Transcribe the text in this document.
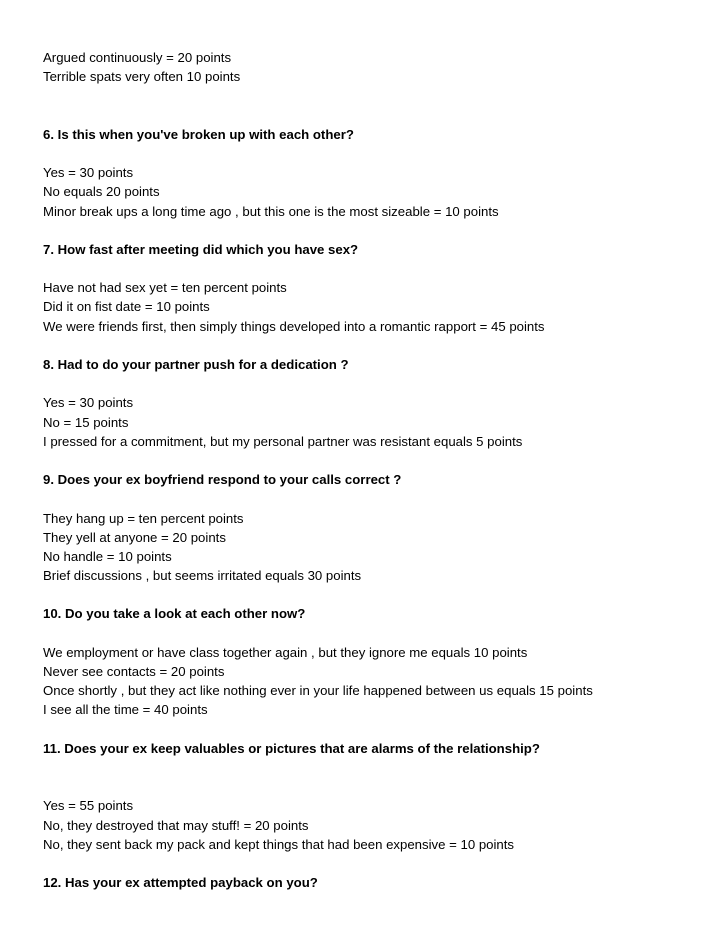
Argued continuously = 20 points
Terrible spats very often 10 points
6. Is this when you've broken up with each other?
Yes = 30 points
No equals 20 points
Minor break ups a long time ago , but this one is the most sizeable = 10 points
7. How fast after meeting did which you have sex?
Have not had sex yet = ten percent points
Did it on fist date = 10 points
We were friends first, then simply things developed into a romantic rapport = 45 points
8. Had to do your partner push for a dedication ?
Yes = 30 points
No = 15 points
I pressed for a commitment, but my personal partner was resistant equals 5 points
9. Does your ex boyfriend respond to your calls correct ?
They hang up = ten percent points
They yell at anyone = 20 points
No handle = 10 points
Brief discussions , but seems irritated equals 30 points
10. Do you take a look at each other now?
We employment or have class together again , but they ignore me equals 10 points
Never see contacts = 20 points
Once shortly , but they act like nothing ever in your life happened between us equals 15 points
I see all the time = 40 points
11. Does your ex keep valuables or pictures that are alarms of the relationship?
Yes = 55 points
No, they destroyed that may stuff! = 20 points
No, they sent back my pack and kept things that had been expensive = 10 points
12. Has your ex attempted payback on you?
